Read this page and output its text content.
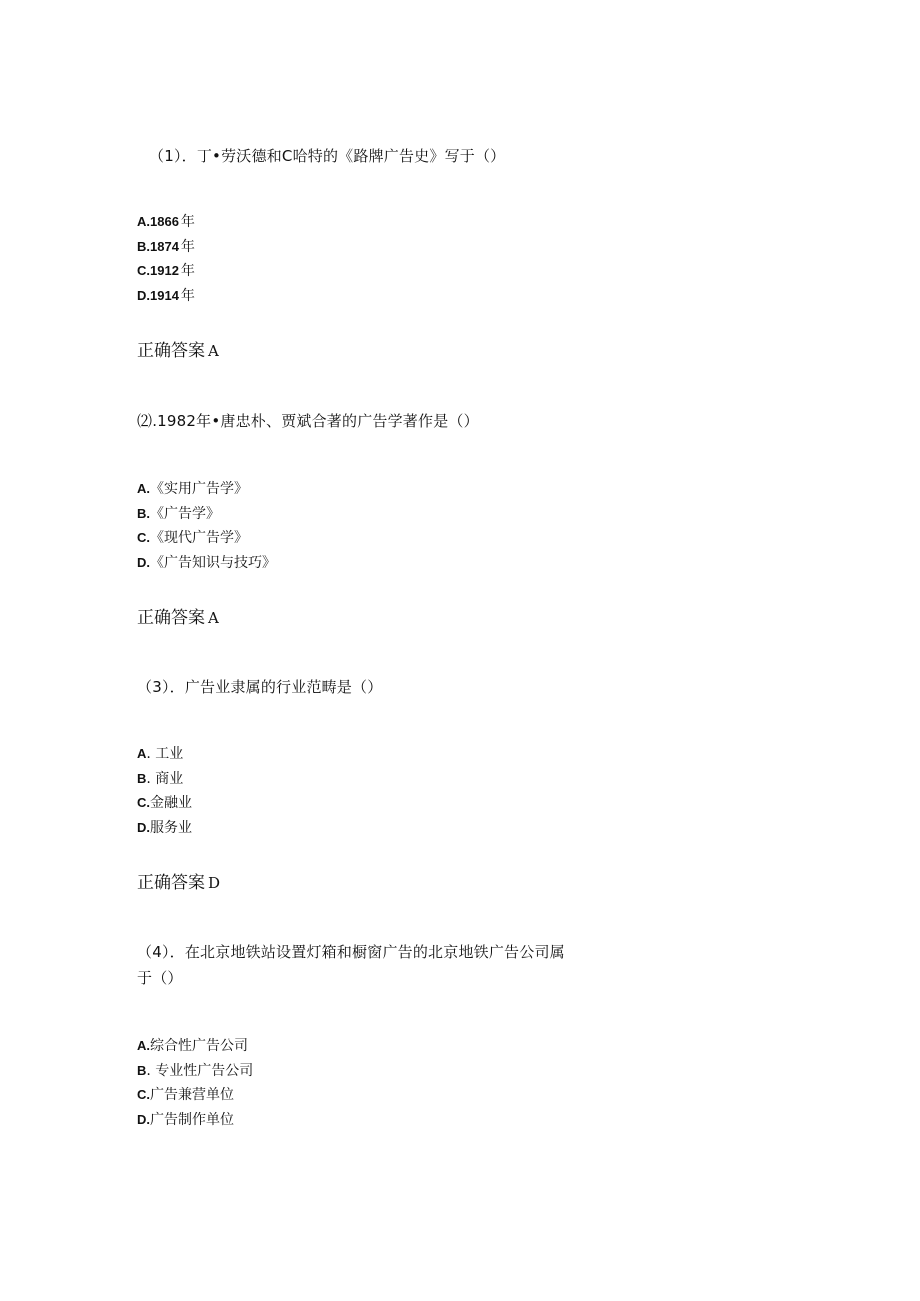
（1）．丁•劳沃德和C哈特的《路牌广告史》写于（）
A. 1866 年
B. 1874 年
C. 1912 年
D. 1914 年
正确答案 A
⑵.1982年•唐忠朴、贾斌合著的广告学著作是（）
A. 《实用广告学》
B. 《广告学》
C. 《现代广告学》
D. 《广告知识与技巧》
正确答案 A
（3）．广告业隶属的行业范畴是（）
A . 工业
B . 商业
C. 金融业
D. 服务业
正确答案 D
（4）．在北京地铁站设置灯箱和橱窗广告的北京地铁广告公司属于（）
A. 综合性广告公司
B . 专业性广告公司
C. 广告兼营单位
D. 广告制作单位
